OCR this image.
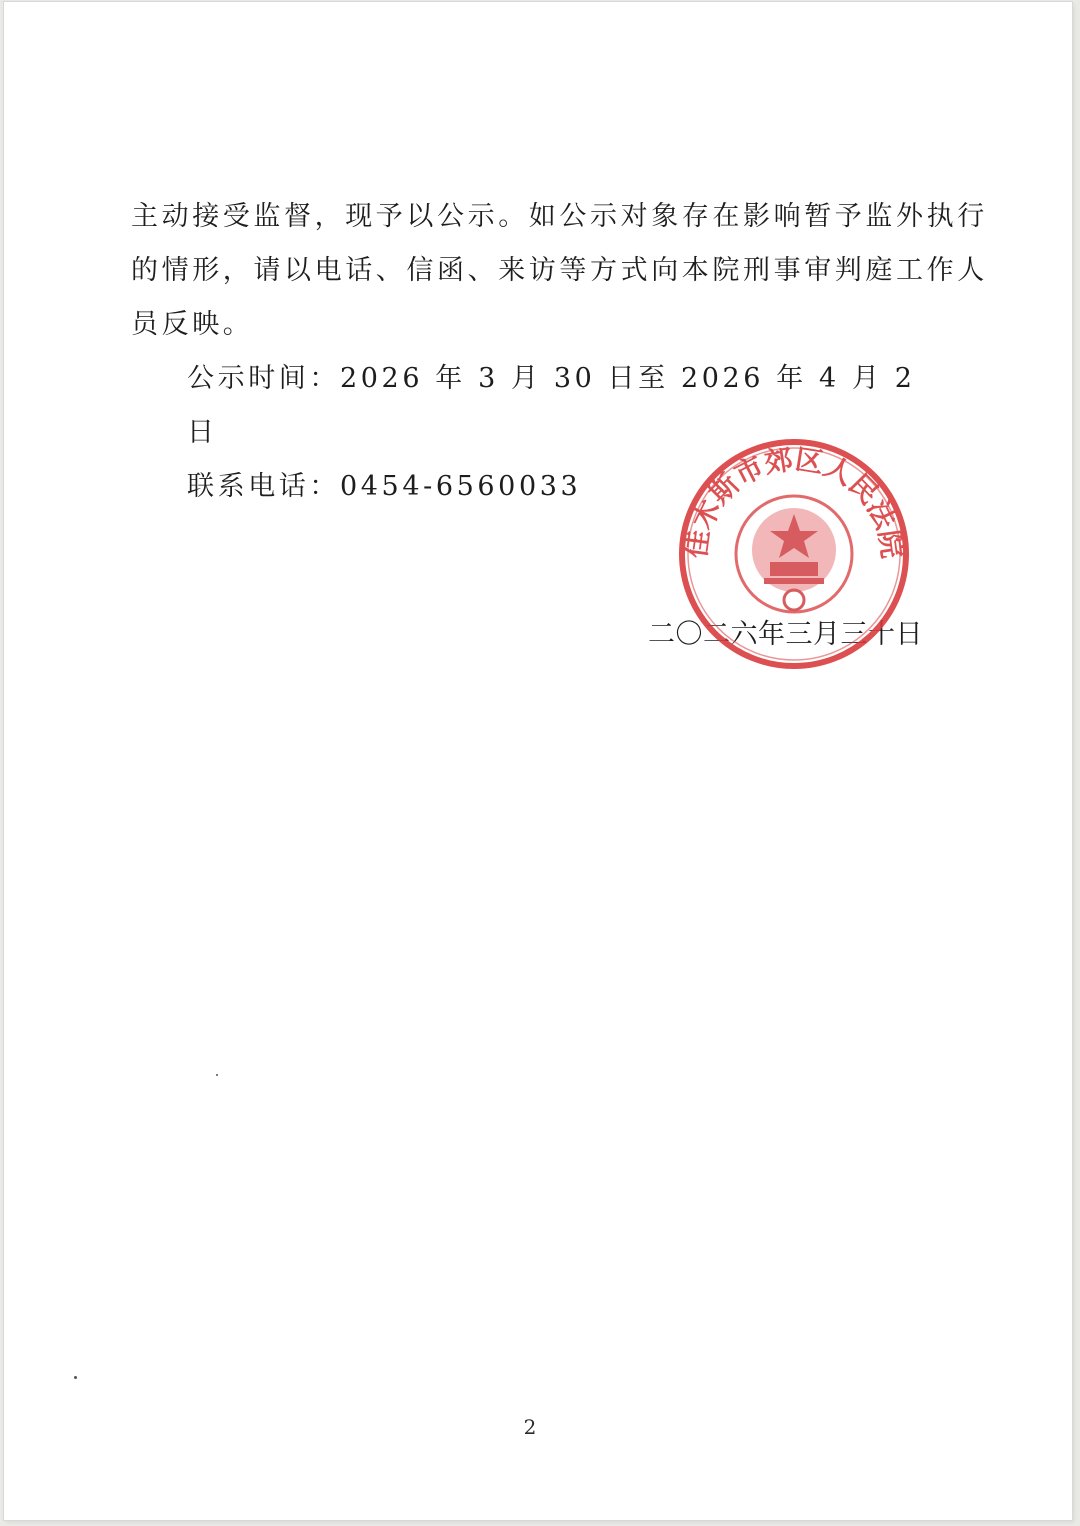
主动接受监督，现予以公示。如公示对象存在影响暂予监外执行
的情形，请以电话、信函、来访等方式向本院刑事审判庭工作人
员反映。

公示时间：2026 年 3 月 30 日至 2026 年 4 月 2 日

联系电话：0454-6560033

二〇二六年三月三十日
佳木斯市郊区人民法院
2
